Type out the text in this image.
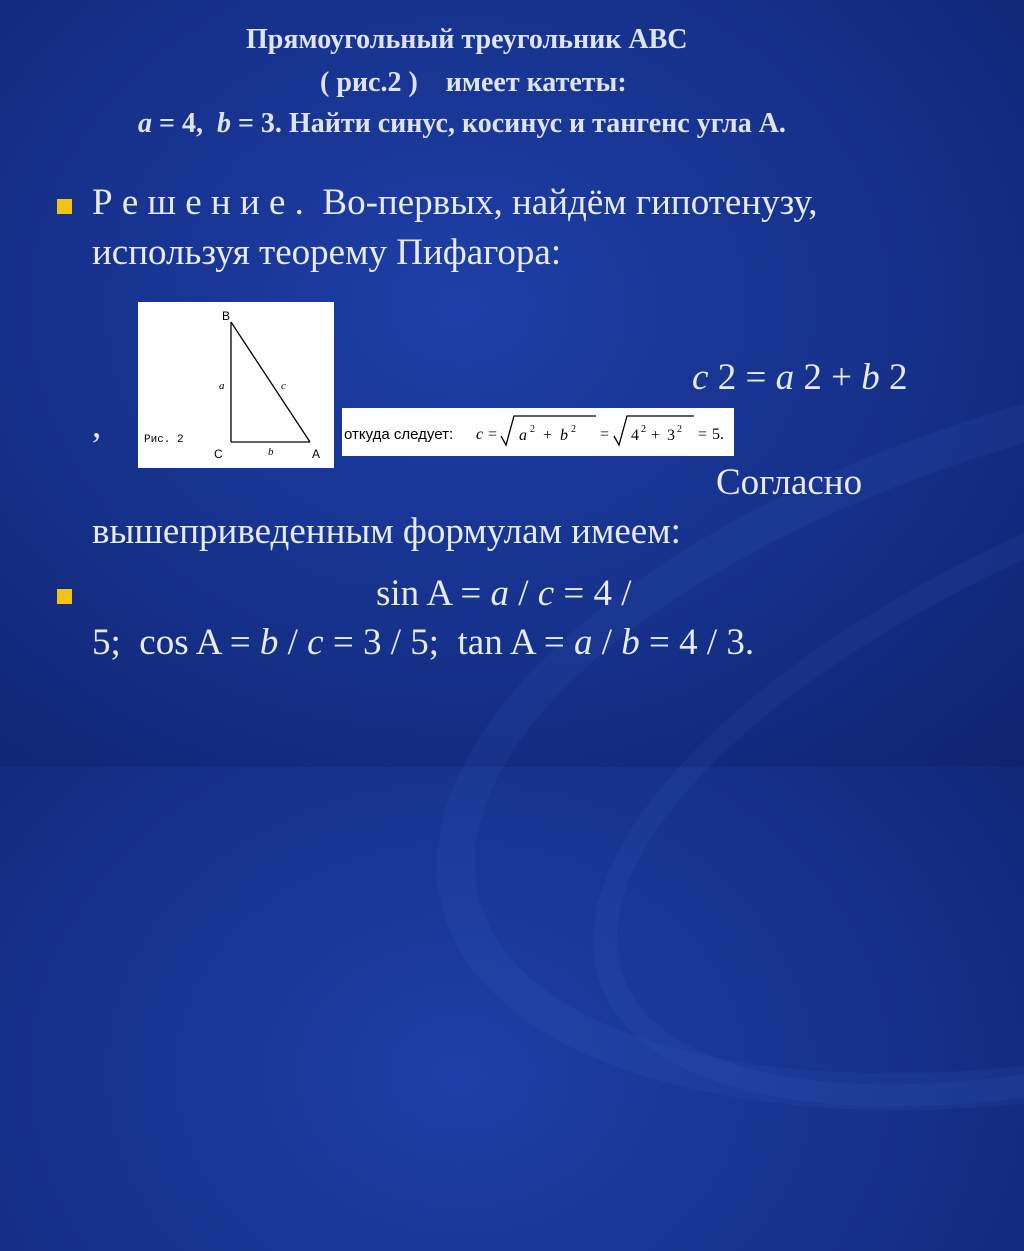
Прямоугольный треугольник АВС
( рис.2 )    имеет катеты:
a = 4,  b = 3. Найти синус, косинус и тангенс угла А.
Р е ш е н и е .  Во-первых, найдём гипотенузу,
используя теорему Пифагора:
B
C	A
a
b
c
Рис. 2
c 2 = a 2 + b 2
,	откуда следует: c = a 2 + b 2 = 4 2 + 3 2 = 5.
Согласно
вышеприведенным формулам имеем:
sin A = a / c = 4 /
5;  cos A = b / c = 3 / 5;  tan A = a / b = 4 / 3.
